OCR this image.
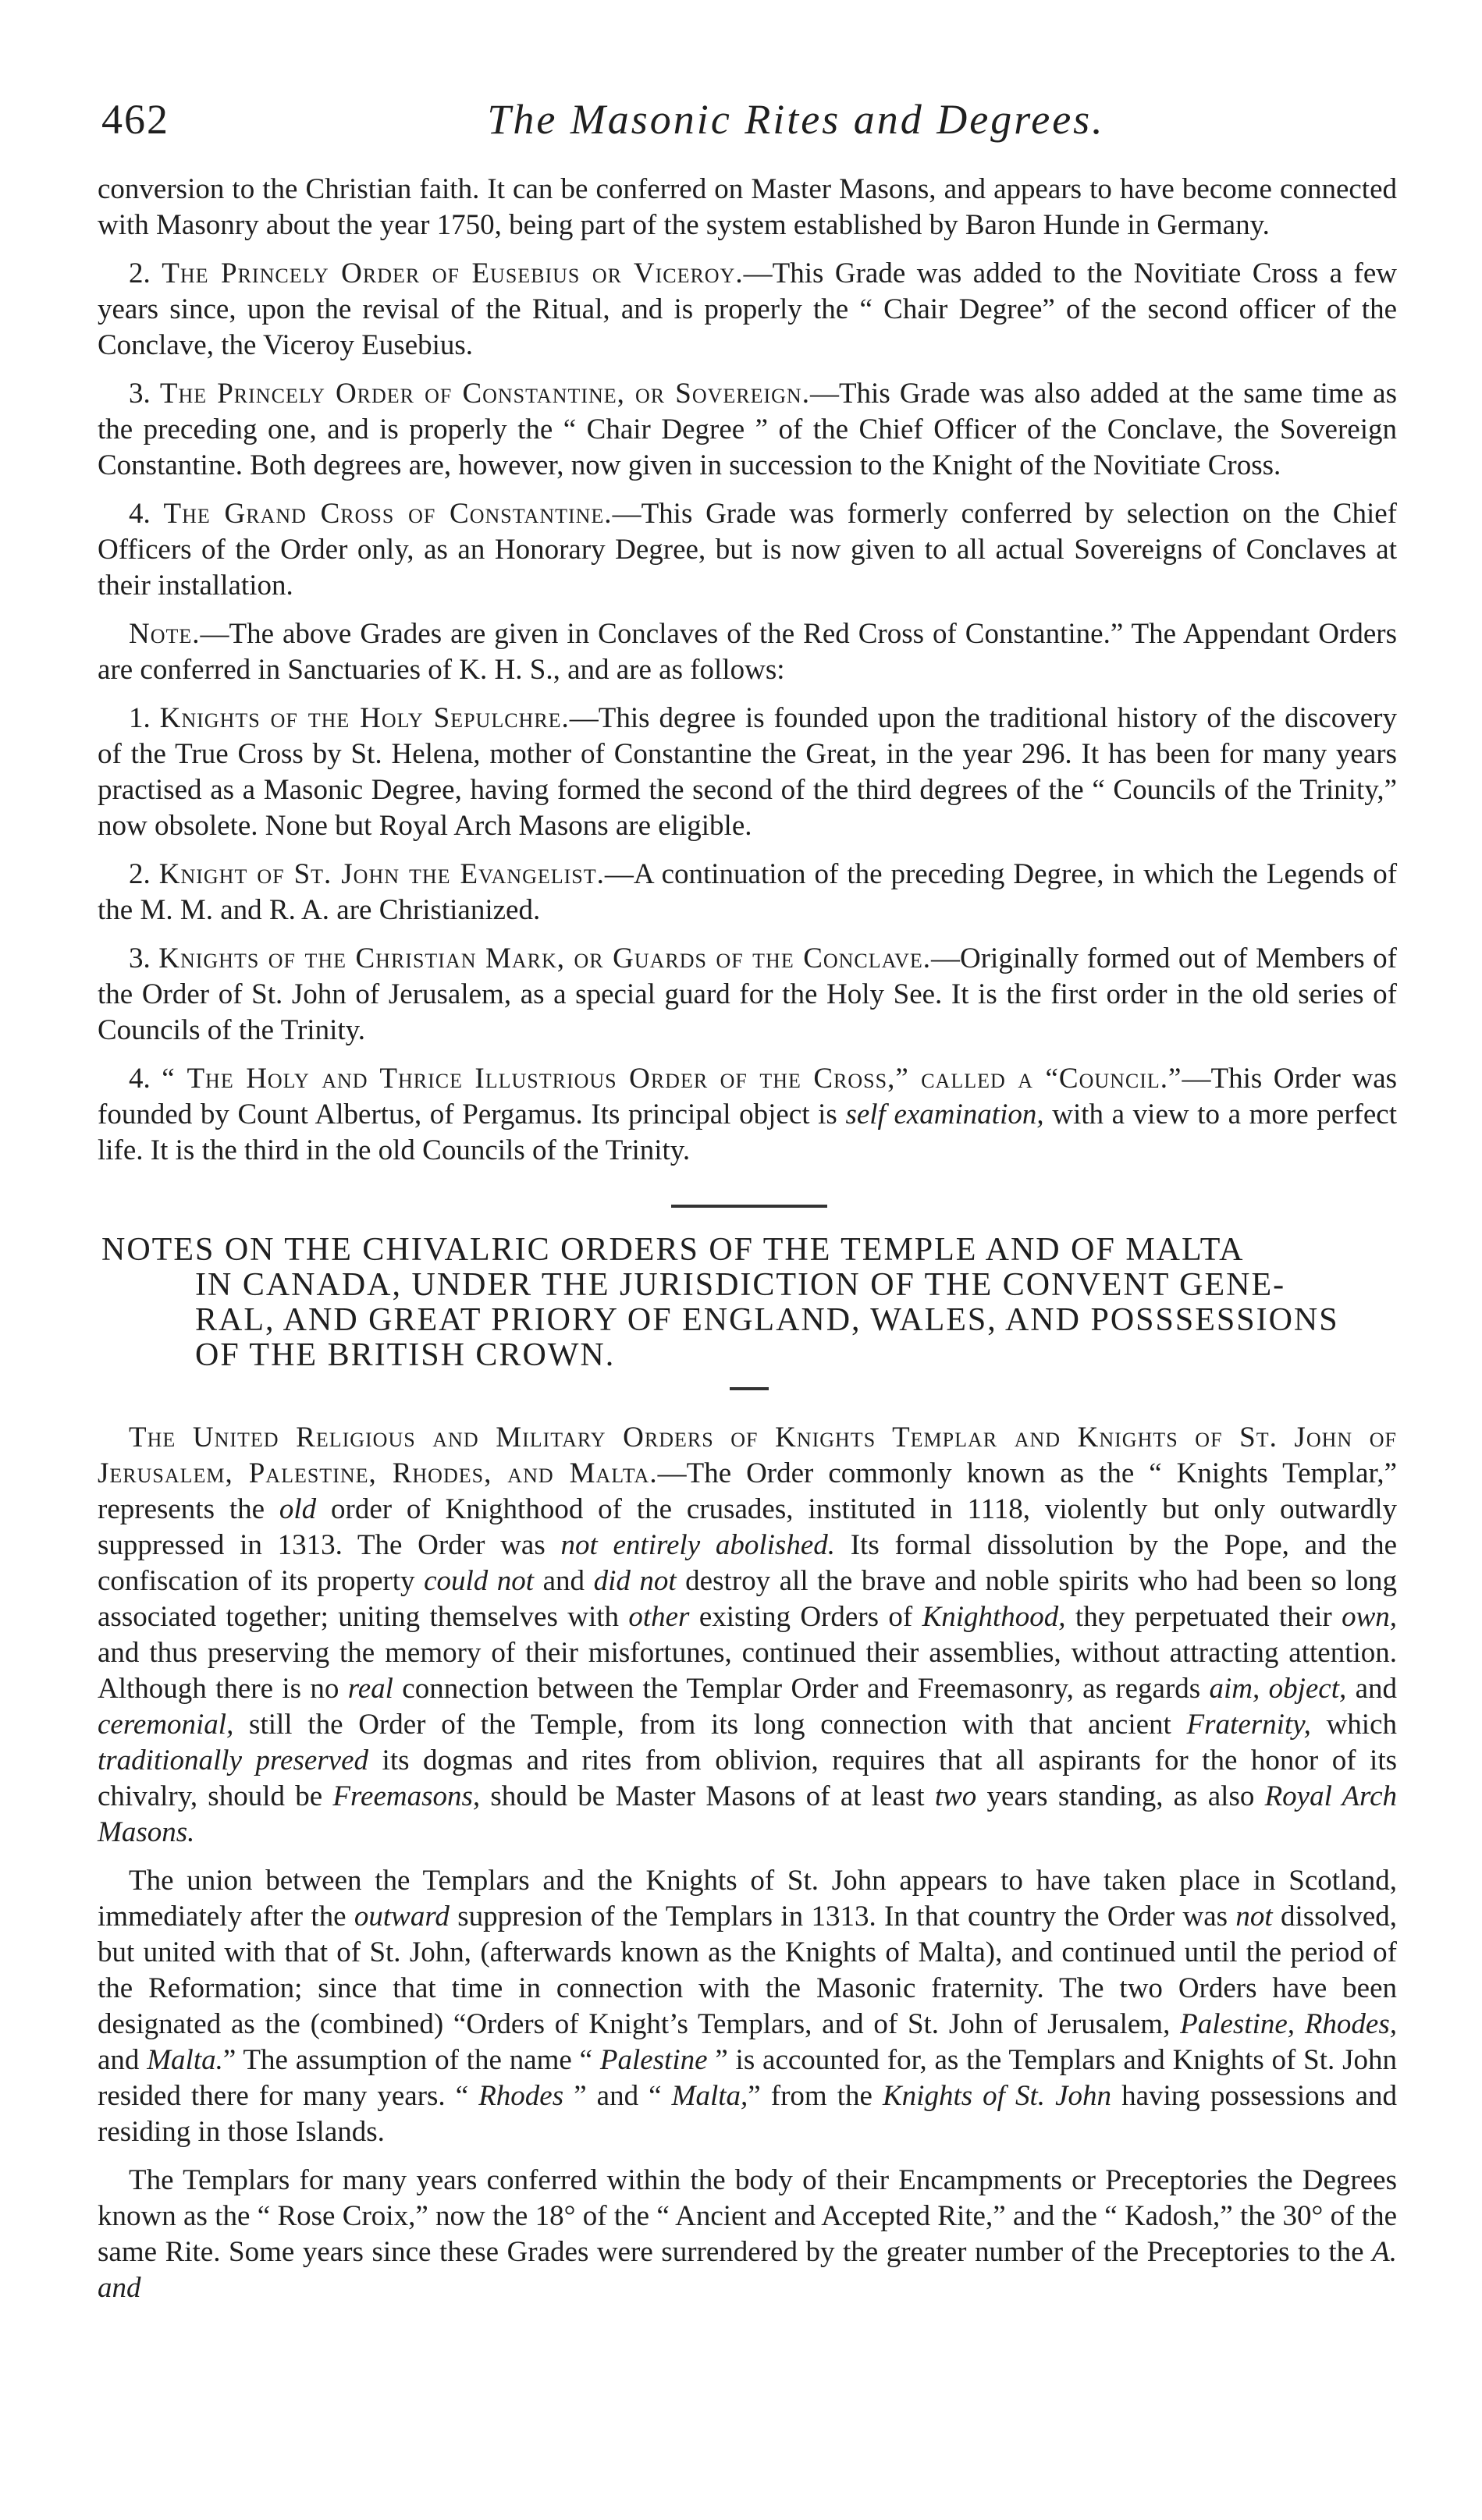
462	The Masonic Rites and Degrees.

conversion to the Christian faith. It can be conferred on Master Masons, and appears to have become connected with Masonry about the year 1750, being part of the system established by Baron Hunde in Germany.

2. The Princely Order of Eusebius or Viceroy.—This Grade was added to the Novitiate Cross a few years since, upon the revisal of the Ritual, and is properly the “ Chair Degree” of the second officer of the Conclave, the Viceroy Eusebius.

3. The Princely Order of Constantine, or Sovereign.—This Grade was also added at the same time as the preceding one, and is properly the “ Chair Degree ” of the Chief Officer of the Conclave, the Sovereign Constantine. Both degrees are, however, now given in succession to the Knight of the Novitiate Cross.

4. The Grand Cross of Constantine.—This Grade was formerly conferred by selection on the Chief Officers of the Order only, as an Honorary Degree, but is now given to all actual Sovereigns of Conclaves at their installation.

Note.—The above Grades are given in Conclaves of the Red Cross of Constantine.” The Appendant Orders are conferred in Sanctuaries of K. H. S., and are as follows:

1. Knights of the Holy Sepulchre.—This degree is founded upon the traditional history of the discovery of the True Cross by St. Helena, mother of Constantine the Great, in the year 296. It has been for many years practised as a Masonic Degree, having formed the second of the third degrees of the “ Councils of the Trinity,” now obsolete. None but Royal Arch Masons are eligible.

2. Knight of St. John the Evangelist.—A continuation of the preceding Degree, in which the Legends of the M. M. and R. A. are Christianized.

3. Knights of the Christian Mark, or Guards of the Conclave.—Originally formed out of Members of the Order of St. John of Jerusalem, as a special guard for the Holy See. It is the first order in the old series of Councils of the Trinity.

4. “ The Holy and Thrice Illustrious Order of the Cross,” called a “Council.”—This Order was founded by Count Albertus, of Pergamus. Its principal object is self examination, with a view to a more perfect life. It is the third in the old Councils of the Trinity.

NOTES ON THE CHIVALRIC ORDERS OF THE TEMPLE AND OF MALTA
IN CANADA, UNDER THE JURISDICTION OF THE CONVENT GENE-
RAL, AND GREAT PRIORY OF ENGLAND, WALES, AND POSSSESSIONS
OF THE BRITISH CROWN.

The United Religious and Military Orders of Knights Templar and Knights of St. John of Jerusalem, Palestine, Rhodes, and Malta.—The Order commonly known as the “ Knights Templar,” represents the old order of Knighthood of the crusades, instituted in 1118, violently but only outwardly suppressed in 1313. The Order was not entirely abolished. Its formal dissolution by the Pope, and the confiscation of its property could not and did not destroy all the brave and noble spirits who had been so long associated together; uniting themselves with other existing Orders of Knighthood, they perpetuated their own, and thus preserving the memory of their misfortunes, continued their assemblies, without attracting attention. Although there is no real connection between the Templar Order and Freemasonry, as regards aim, object, and ceremonial, still the Order of the Temple, from its long connection with that ancient Fraternity, which traditionally preserved its dogmas and rites from oblivion, requires that all aspirants for the honor of its chivalry, should be Freemasons, should be Master Masons of at least two years standing, as also Royal Arch Masons.

The union between the Templars and the Knights of St. John appears to have taken place in Scotland, immediately after the outward suppresion of the Templars in 1313. In that country the Order was not dissolved, but united with that of St. John, (afterwards known as the Knights of Malta), and continued until the period of the Reformation; since that time in connection with the Masonic fraternity. The two Orders have been designated as the (combined) “Orders of Knight’s Templars, and of St. John of Jerusalem, Palestine, Rhodes, and Malta.” The assumption of the name “ Palestine ” is accounted for, as the Templars and Knights of St. John resided there for many years. “ Rhodes ” and “ Malta,” from the Knights of St. John having possessions and residing in those Islands.

The Templars for many years conferred within the body of their Encampments or Preceptories the Degrees known as the “ Rose Croix,” now the 18° of the “ Ancient and Accepted Rite,” and the “ Kadosh,” the 30° of the same Rite. Some years since these Grades were surrendered by the greater number of the Preceptories to the A. and
